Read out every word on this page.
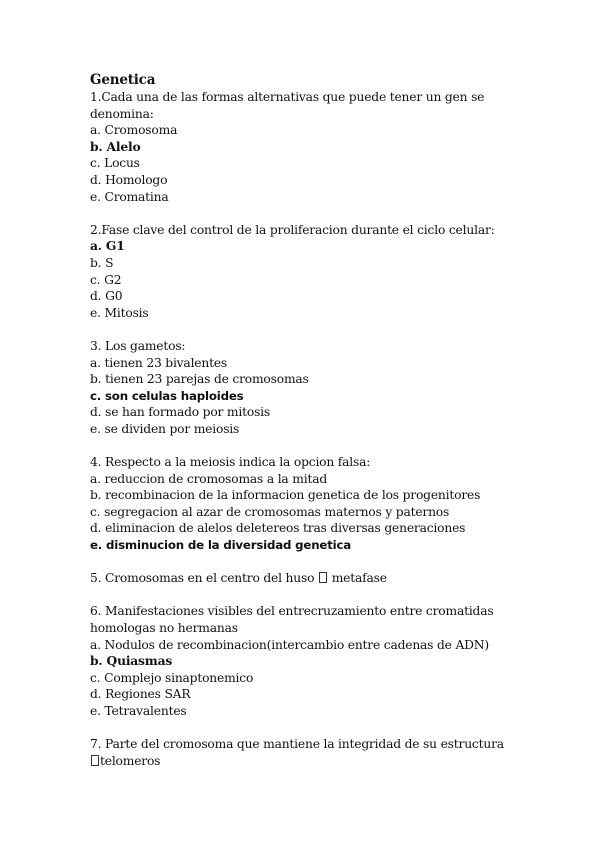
Genetica

1.Cada una de las formas alternativas que puede tener un gen se denomina:

a. Cromosoma

b. Alelo

c. Locus

d. Homologo

e. Cromatina

2.Fase clave del control de la proliferacion durante el ciclo celular:

a. G1

b. S

c. G2

d. G0

e. Mitosis

3. Los gametos:

a. tienen 23 bivalentes

b. tienen 23 parejas de cromosomas

c. son celulas haploides

d. se han formado por mitosis

e. se dividen por meiosis

4. Respecto a la meiosis indica la opcion falsa:

a. reduccion de cromosomas a la mitad

b. recombinacion de la informacion genetica de los progenitores

c. segregacion al azar de cromosomas maternos y paternos

d. eliminacion de alelos deletereos tras diversas generaciones

e. disminucion de la diversidad genetica

5. Cromosomas en el centro del huso  metafase

6. Manifestaciones visibles del entrecruzamiento entre cromatidas homologas no hermanas

a. Nodulos de recombinacion(intercambio entre cadenas de ADN)

b. Quiasmas

c. Complejo sinaptonemico

d. Regiones SAR

e. Tetravalentes

7. Parte del cromosoma que mantiene la integridad de su estructura

telomeros
